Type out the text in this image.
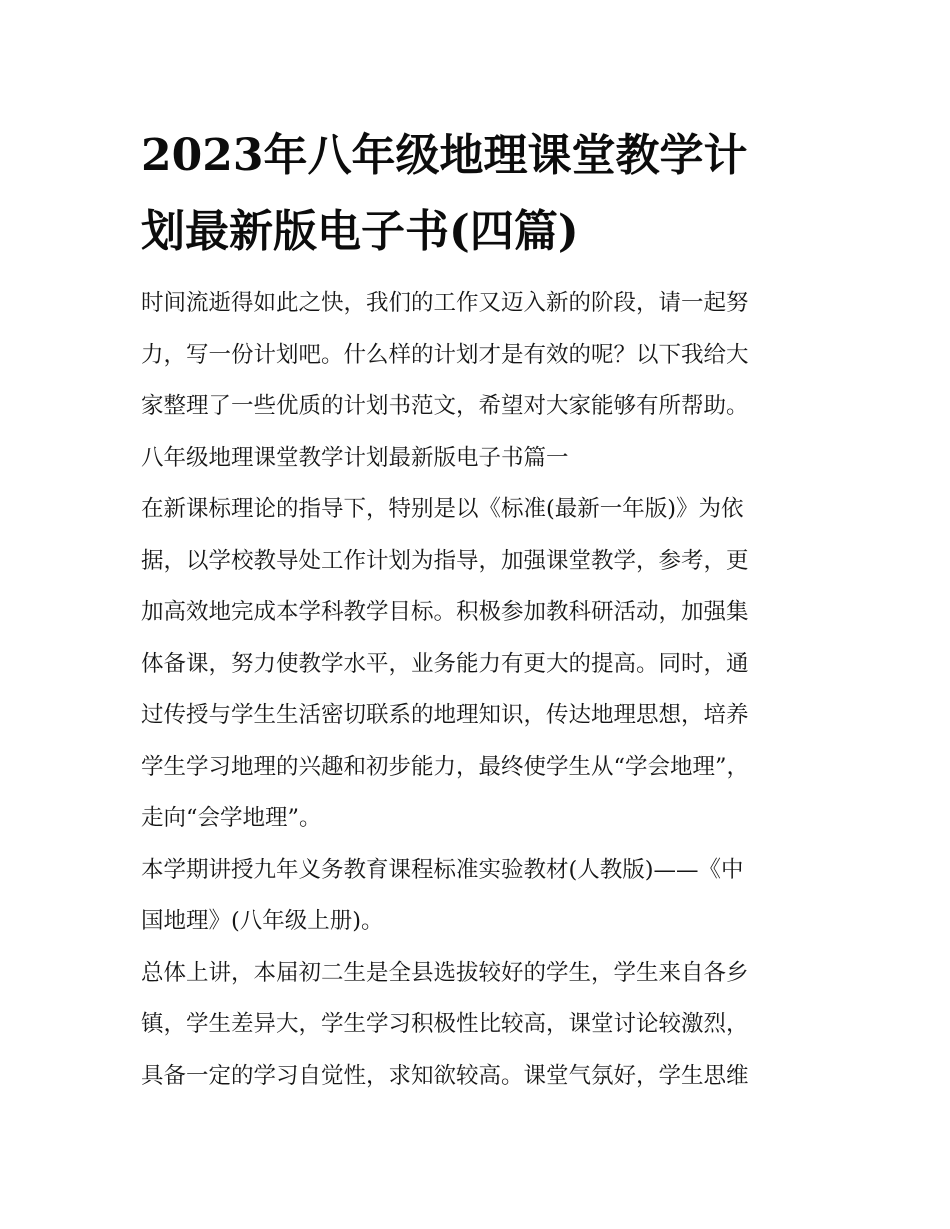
2023年八年级地理课堂教学计
划最新版电子书(四篇)

时间流逝得如此之快，我们的工作又迈入新的阶段，请一起努
力，写一份计划吧。什么样的计划才是有效的呢？以下我给大
家整理了一些优质的计划书范文，希望对大家能够有所帮助。

八年级地理课堂教学计划最新版电子书篇一

在新课标理论的指导下，特别是以《标准(最新一年版)》为依
据，以学校教导处工作计划为指导，加强课堂教学，参考，更
加高效地完成本学科教学目标。积极参加教科研活动，加强集
体备课，努力使教学水平，业务能力有更大的提高。同时，通
过传授与学生生活密切联系的地理知识，传达地理思想，培养
学生学习地理的兴趣和初步能力，最终使学生从“学会地理”，
走向“会学地理”。

本学期讲授九年义务教育课程标准实验教材(人教版)——《中
国地理》(八年级上册)。

总体上讲，本届初二生是全县选拔较好的学生，学生来自各乡
镇，学生差异大，学生学习积极性比较高，课堂讨论较激烈，
具备一定的学习自觉性，求知欲较高。课堂气氛好，学生思维
